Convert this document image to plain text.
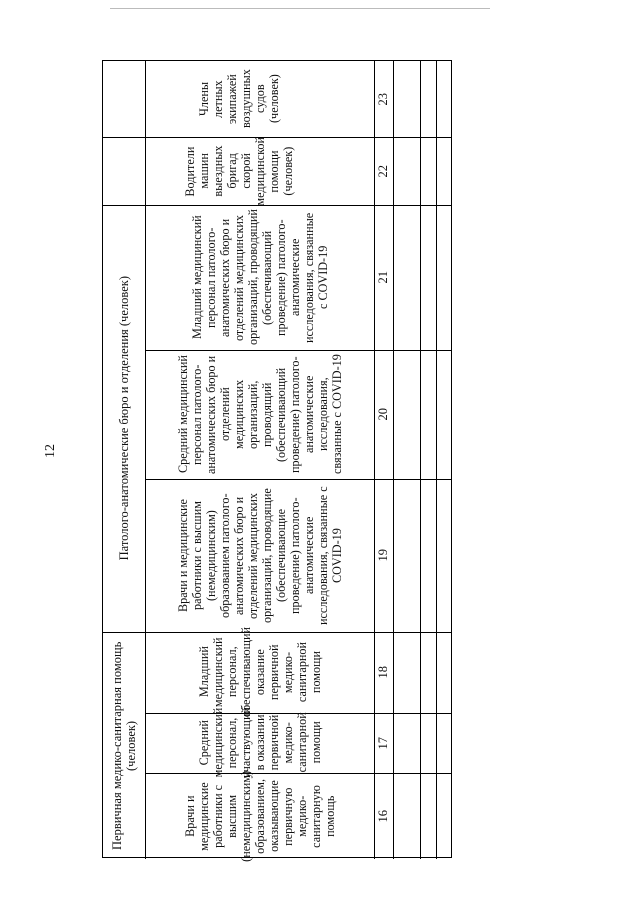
12
Первичная медико-санитарная помощь (человек)
Патолого-анатомические бюро и отделения (человек)
Члены летных экипажей воздушных судов (человек)
Водители машин выездных бригад скорой медицинской помощи (человек)
Младший медицинский персонал патолого-анатомических бюро и отделений медицинских организаций, проводящий (обеспечивающий проведение) патолого-анатомические исследования, связанные с COVID-19
Средний медицинский персонал патолого-анатомических бюро и отделений медицинских организаций, проводящий (обеспечивающий проведение) патолого-анатомические исследования, связанные с COVID-19
Врачи и медицинские работники с высшим (немедицинским) образованием патолого-анатомических бюро и отделений медицинских организаций, проводящие (обеспечивающие проведение) патолого-анатомические исследования, связанные с COVID-19
Младший медицинский персонал, обеспечивающий оказание первичной медико-санитарной помощи
Средний медицинский персонал, участвующий в оказании первичной медико-санитарной помощи
Врачи и медицинские работники с высшим (немедицинским) образованием, оказывающие первичную медико-санитарную помощь
23
22
21
20
19
18
17
16
